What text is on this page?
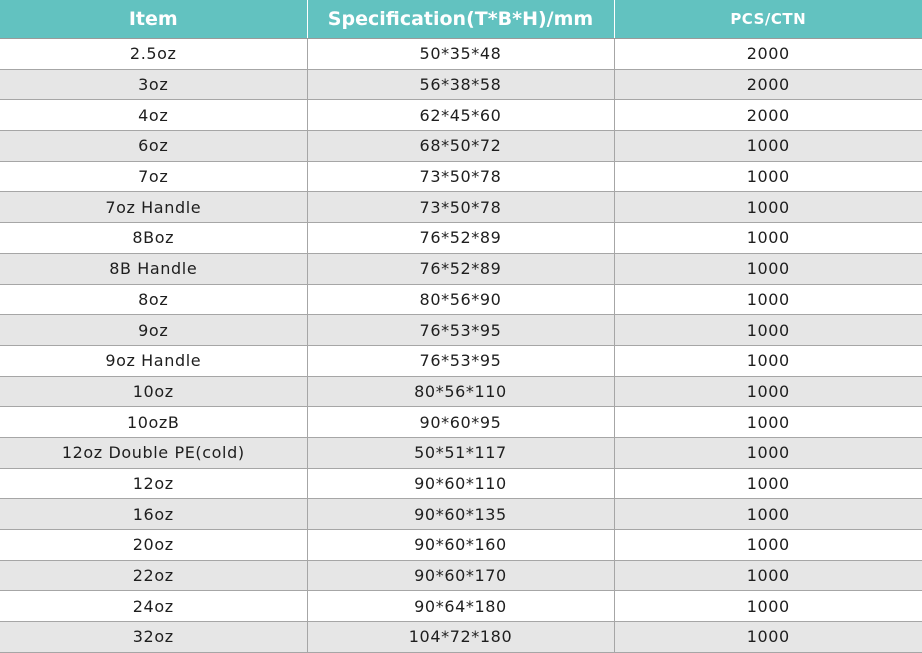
Item	Specification(T*B*H)/mm	PCS/CTN
2.5oz	50*35*48	2000
3oz	56*38*58	2000
4oz	62*45*60	2000
6oz	68*50*72	1000
7oz	73*50*78	1000
7oz Handle	73*50*78	1000
8Boz	76*52*89	1000
8B Handle	76*52*89	1000
8oz	80*56*90	1000
9oz	76*53*95	1000
9oz Handle	76*53*95	1000
10oz	80*56*110	1000
10ozB	90*60*95	1000
12oz Double PE(cold)	50*51*117	1000
12oz	90*60*110	1000
16oz	90*60*135	1000
20oz	90*60*160	1000
22oz	90*60*170	1000
24oz	90*64*180	1000
32oz	104*72*180	1000
